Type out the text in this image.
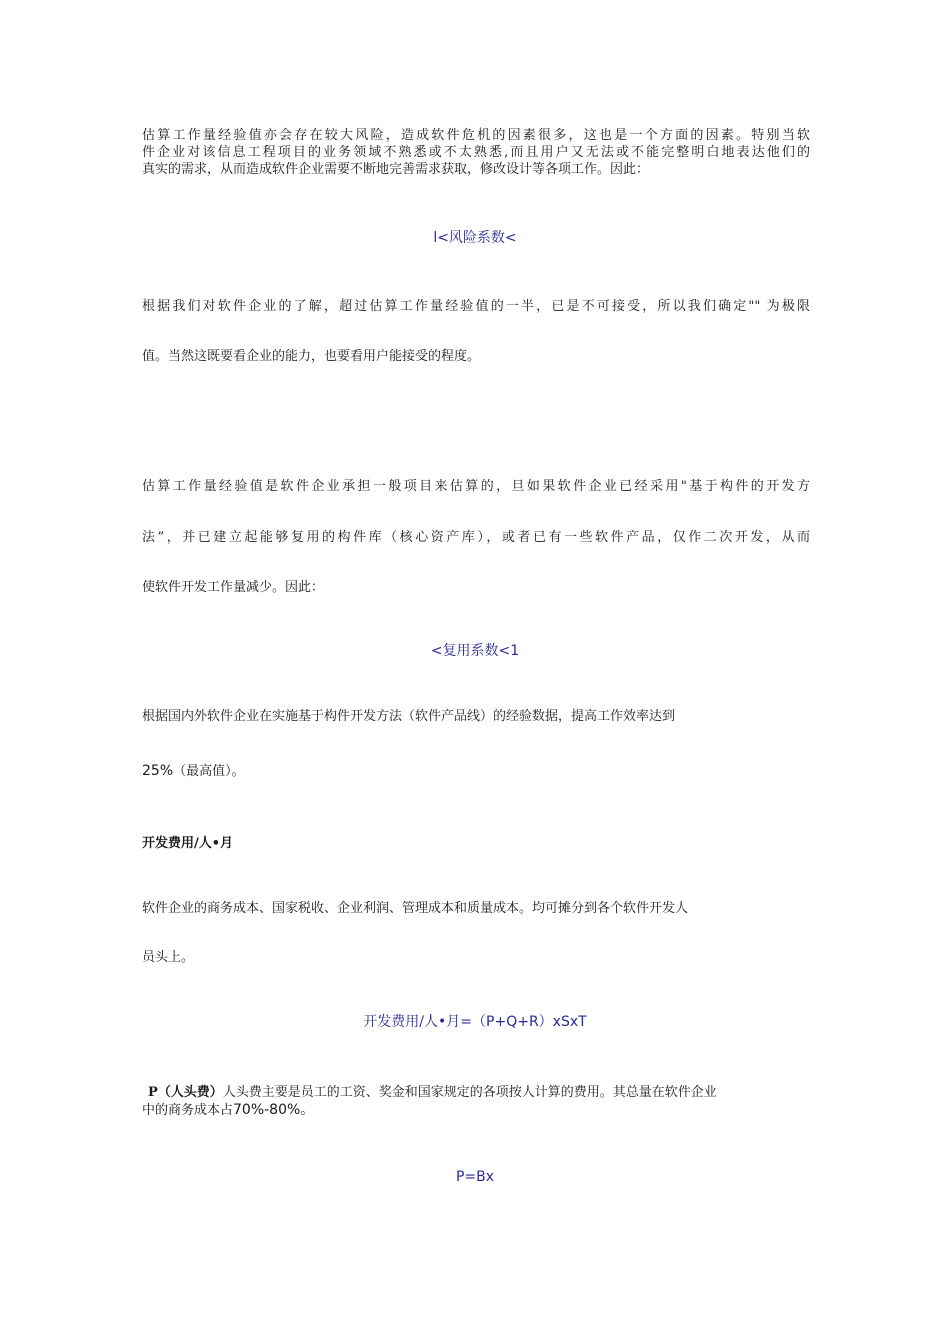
估算工作量经验值亦会存在较大风险，造成软件危机的因素很多，这也是一个方面的因素。特别当软

件企业对该信息工程项目的业务领域不熟悉或不太熟悉,而且用户又无法或不能完整明白地表达他们的

真实的需求，从而造成软件企业需要不断地完善需求获取，修改设计等各项工作。因此：

l<风险系数<

根据我们对软件企业的了解，超过估算工作量经验值的一半，已是不可接受，所以我们确定"" 为极限

值。当然这既要看企业的能力，也要看用户能接受的程度。

估算工作量经验值是软件企业承担一般项目来估算的，旦如果软件企业已经采用"基于构件的开发方

法”，并已建立起能够复用的构件库（核心资产库），或者已有一些软件产品，仅作二次开发，从而

使软件开发工作量减少。因此：

<复用系数<1

根据国内外软件企业在实施基于构件开发方法（软件产品线）的经验数据，提高工作效率达到

25%（最高值）。

开发费用/人•月

软件企业的商务成本、国家税收、企业利润、管理成本和质量成本。均可摊分到各个软件开发人

员头上。

开发费用/人•月=（P+Q+R）xSxT

P（人头费）人头费主要是员工的工资、奖金和国家规定的各项按人计算的费用。其总量在软件企业

中的商务成本占70%-80%。

P=Bx
